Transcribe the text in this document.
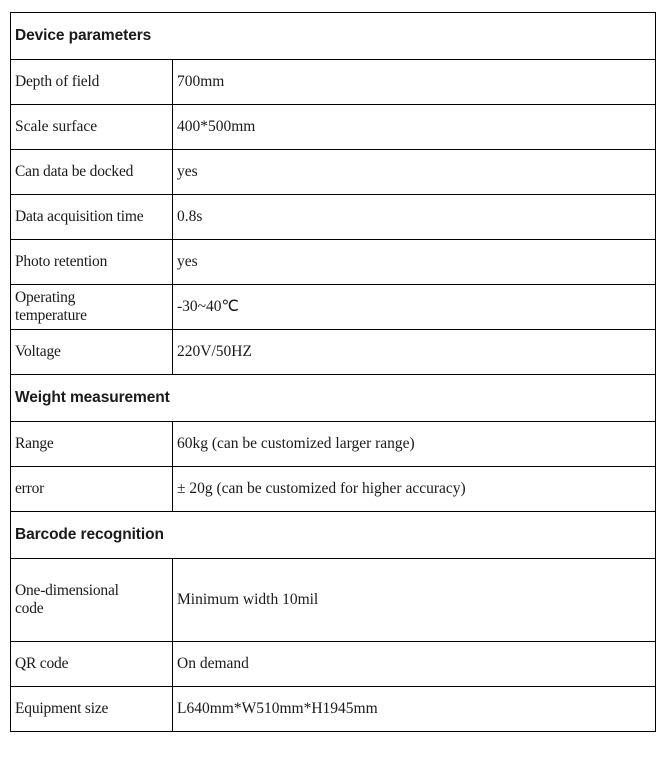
Device parameters	
Depth of field	700mm
Scale surface	400*500mm
Can data be docked	yes
Data acquisition time	0.8s
Photo retention	yes
Operating
temperature	-30~40℃
Voltage	220V/50HZ
Weight measurement	
Range	60kg (can be customized larger range)
error	± 20g (can be customized for higher accuracy)
Barcode recognition	
One-dimensional
code	Minimum width 10mil
QR code	On demand
Equipment size	L640mm*W510mm*H1945mm
